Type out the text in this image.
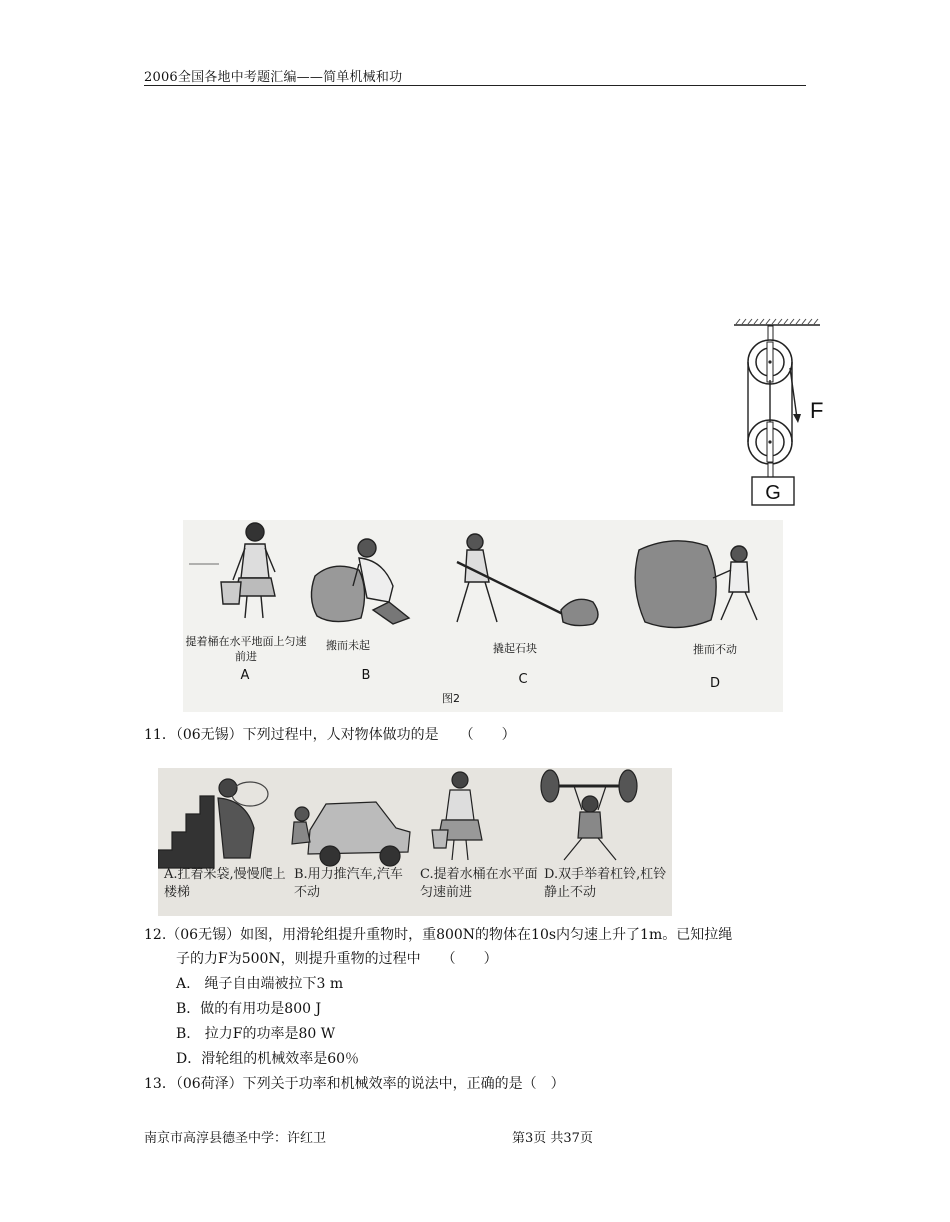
2006全国各地中考题汇编——简单机械和功
F
G
提着桶在水平地面上匀速前进
A
搬而未起
B
撬起石块
C
推而不动
D
图2
11．（06无锡）下列过程中，人对物体做功的是　　（　　）
A.扛着米袋,慢慢爬上楼梯
B.用力推汽车,汽车不动
C.提着水桶在水平面匀速前进
D.双手举着杠铃,杠铃静止不动
12.（06无锡）如图，用滑轮组提升重物时，重800N的物体在10s内匀速上升了1m。已知拉绳
子的力F为500N，则提升重物的过程中　　（　　）
A.　绳子自由端被拉下3 m
B．做的有用功是800 J
B.　拉力F的功率是80 W
D．滑轮组的机械效率是60％
13．（06荷泽）下列关于功率和机械效率的说法中，正确的是（　）
南京市高淳县德圣中学：许红卫	第3页 共37页
